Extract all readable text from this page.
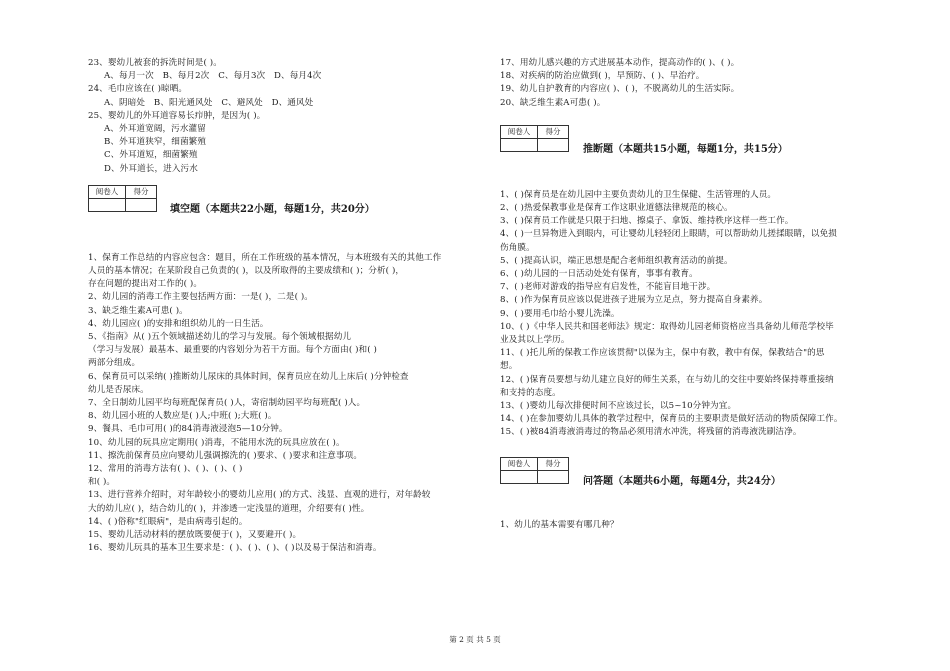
23、婴幼儿被套的拆洗时间是( )。
A、每月一次 B、每月2次 C、每月3次 D、每月4次
24、毛巾应该在( )晾晒。
A、阴暗处 B、阳光通风处 C、避风处 D、通风处
25、婴幼儿的外耳道容易长疖肿，是因为( )。
A、外耳道宽阔，污水灌留
B、外耳道狭窄，细菌繁殖
C、外耳道短，细菌繁殖
D、外耳道长，进入污水
阅卷人	得分

填空题（本题共22小题，每题1分，共20分）
1、保育工作总结的内容应包含：题目，所在工作班级的基本情况，与本班级有关的其他工作
人员的基本情况；在某阶段自己负责的( )，以及所取得的主要成绩和( )；分析( )，
存在问题的提出对工作的( )。
2、幼儿园的消毒工作主要包括两方面：一是( )，二是( )。
3、缺乏维生素A可患( )。
4、幼儿园应( )的安排和组织幼儿的一日生活。
5、《指南》从( )五个领域描述幼儿的学习与发展。每个领域根据幼儿
（学习与发展）最基本、最重要的内容划分为若干方面。每个方面由( )和( )
两部分组成。
6、保育员可以采纳( )推断幼儿尿床的具体时间，保育员应在幼儿上床后( )分钟检查
幼儿是否尿床。
7、全日制幼儿园平均每班配保育员( )人，寄宿制幼园平均每班配( )人。
8、幼儿园小班的人数应是( )人;中班( );大班( )。
9、餐具、毛巾可用( )的84消毒液浸泡5—10分钟。
10、幼儿园的玩具应定期用( )消毒，不能用水洗的玩具应放在( )。
11、擦洗前保育员应向婴幼儿强调擦洗的( )要求、( )要求和注意事项。
12、常用的消毒方法有( )、( )、( )、( )
和( )。
13、进行营养介绍时，对年龄较小的婴幼儿应用( )的方式、浅显、直观的进行，对年龄较
大的幼儿应( )，结合幼儿的( )，并渗透一定浅显的道理，介绍要有( )性。
14、( )俗称"红眼病"，是由病毒引起的。
15、婴幼儿活动材料的摆放既要便于( )，又要避开( )。
16、婴幼儿玩具的基本卫生要求是：( )、( )、( )、( )以及易于保洁和消毒。
17、用幼儿感兴趣的方式进展基本动作，提高动作的( )、( )。
18、对疾病的防治应做到( )，早预防、( )、早治疗。
19、幼儿自护教育的内容应( )、( )，不脱离幼儿的生活实际。
20、缺乏维生素A可患( )。
阅卷人	得分

推断题（本题共15小题，每题1分，共15分）
1、( )保育员是在幼儿园中主要负责幼儿的卫生保健、生活管理的人员。
2、( )热爱保教事业是保育工作这职业道德法律规范的核心。
3、( )保育员工作就是只限于扫地、擦桌子、拿饭、维持秩序这样一些工作。
4、( )一旦异物进入到眼内，可让婴幼儿轻轻闭上眼睛，可以帮助幼儿搓揉眼睛，以免损
伤角膜。
5、( )提高认识，端正思想是配合老师组织教育活动的前提。
6、( )幼儿园的一日活动处处有保育，事事有教育。
7、( )老师对游戏的指导应有启发性，不能盲目地干涉。
8、( )作为保育员应该以促进孩子进展为立足点，努力提高自身素养。
9、( )要用毛巾给小婴儿洗澡。
10、( )《中华人民共和国老师法》规定：取得幼儿园老师资格应当具备幼儿师范学校毕
业及其以上学历。
11、( )托儿所的保教工作应该贯彻"以保为主，保中有教，教中有保，保教结合"的思
想。
12、( )保育员要想与幼儿建立良好的师生关系，在与幼儿的交往中要始终保持尊重接纳
和支持的态度。
13、( )婴幼儿每次排便时间不应该过长，以5~10分钟为宜。
14、( )在参加婴幼儿具体的教学过程中，保育员的主要职责是做好活动的物质保障工作。
15、( )被84消毒液消毒过的物品必须用清水冲洗，将残留的消毒液洗刷洁净。
阅卷人	得分

问答题（本题共6小题，每题4分，共24分）
1、幼儿的基本需要有哪几种？
第 2 页 共 5 页
